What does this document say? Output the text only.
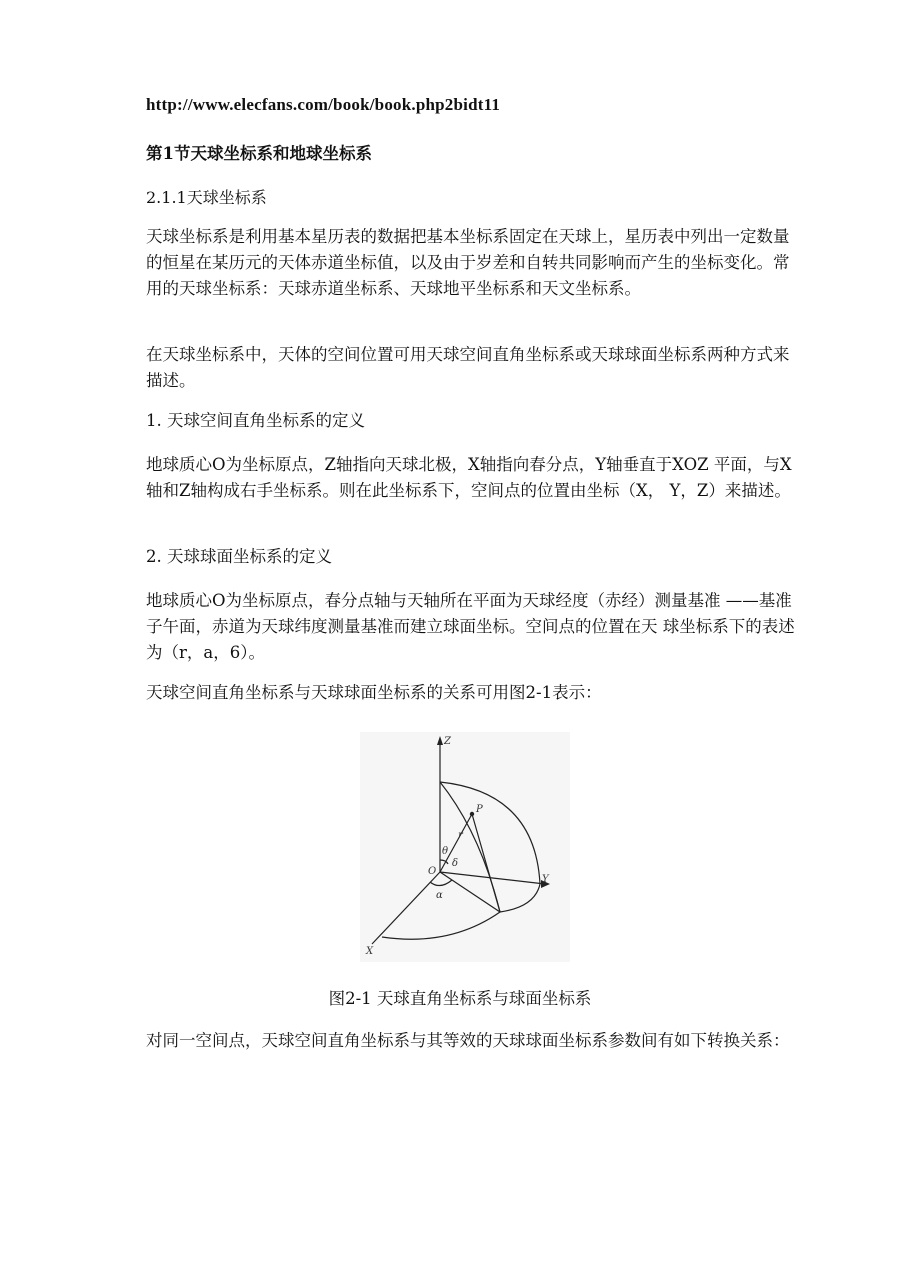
http://www.elecfans.com/book/book.php2bidt11
第1节天球坐标系和地球坐标系
2.1.1天球坐标系

天球坐标系是利用基本星历表的数据把基本坐标系固定在天球上，星历表中列出一定数量的恒星在某历元的天体赤道坐标值，以及由于岁差和自转共同影响而产生的坐标变化。常用的天球坐标系：天球赤道坐标系、天球地平坐标系和天文坐标系。

在天球坐标系中，天体的空间位置可用天球空间直角坐标系或天球球面坐标系两种方式来描述。

1. 天球空间直角坐标系的定义

地球质心O为坐标原点，Z轴指向天球北极，X轴指向春分点，Y轴垂直于XOZ 平面，与X轴和Z轴构成右手坐标系。则在此坐标系下，空间点的位置由坐标（X， Y，Z）来描述。

2. 天球球面坐标系的定义

地球质心O为坐标原点，春分点轴与天轴所在平面为天球经度（赤经）测量基准 ——基准子午面，赤道为天球纬度测量基准而建立球面坐标。空间点的位置在天 球坐标系下的表述为（r，a，6）。

天球空间直角坐标系与天球球面坐标系的关系可用图2-1表示：

Z
Y
X
O
P
r
θ
α
δ
图2-1 天球直角坐标系与球面坐标系

对同一空间点，天球空间直角坐标系与其等效的天球球面坐标系参数间有如下转换关系：
